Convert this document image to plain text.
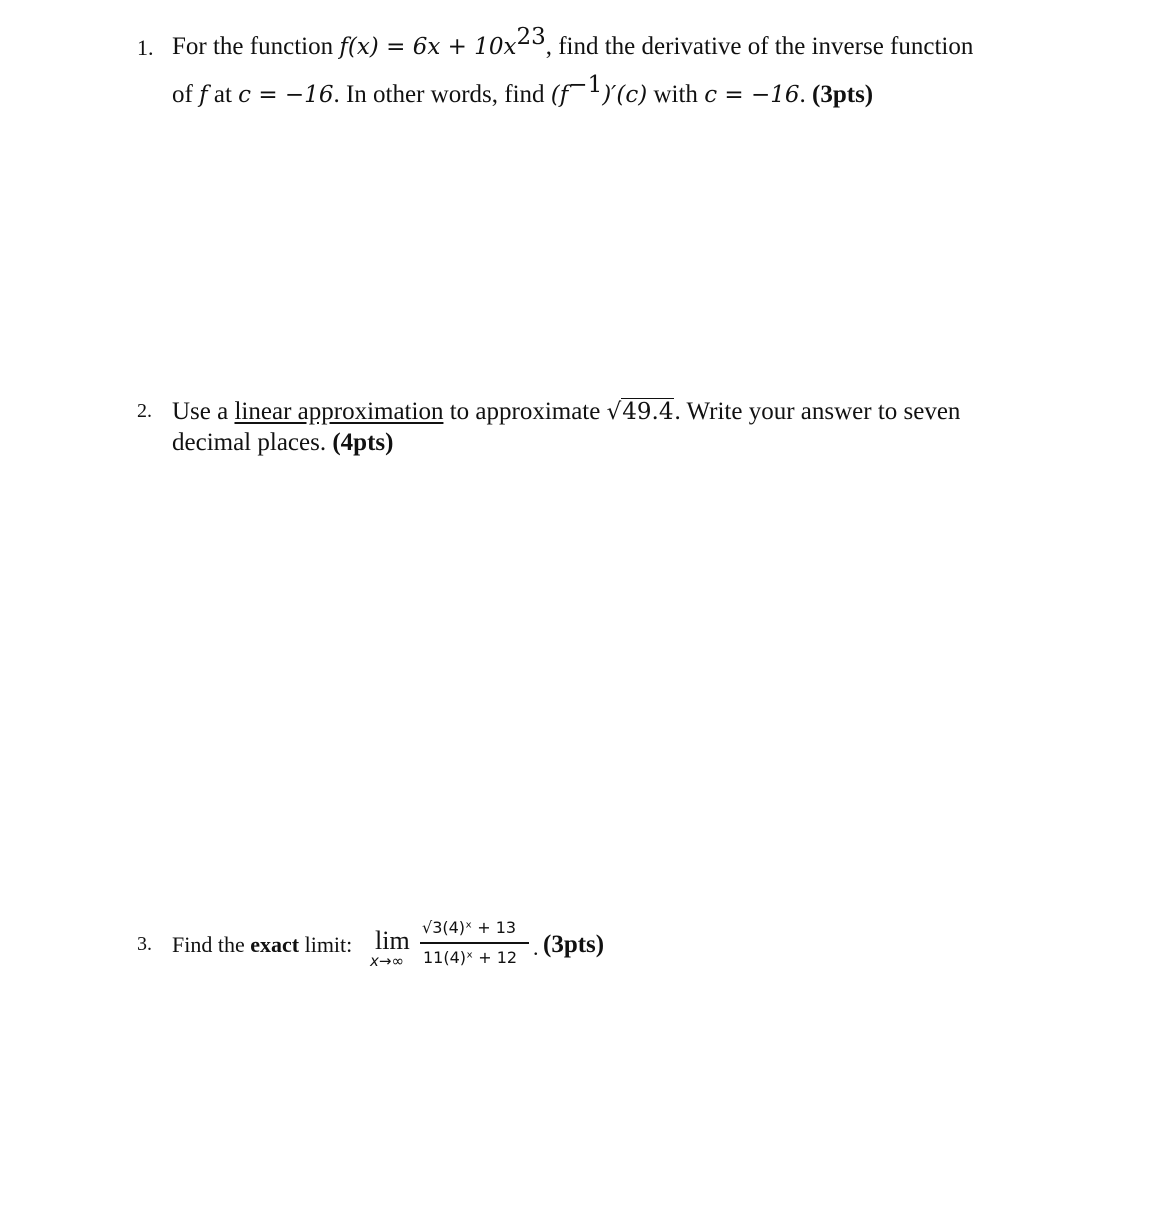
1. For the function $f(x) = 6x + 10x^{23}$, find the derivative of the inverse function
of f at c = −16. In other words, find $(f^{-1})'(c)$ with c = −16. (3pts)
2. Use a linear approximation to approximate √49.4. Write your answer to seven
decimal places. (4pts)
3. Find the exact limit: lim
x→∞
√3(4)ˣ + 13
11(4)ˣ + 12 . (3pts)
